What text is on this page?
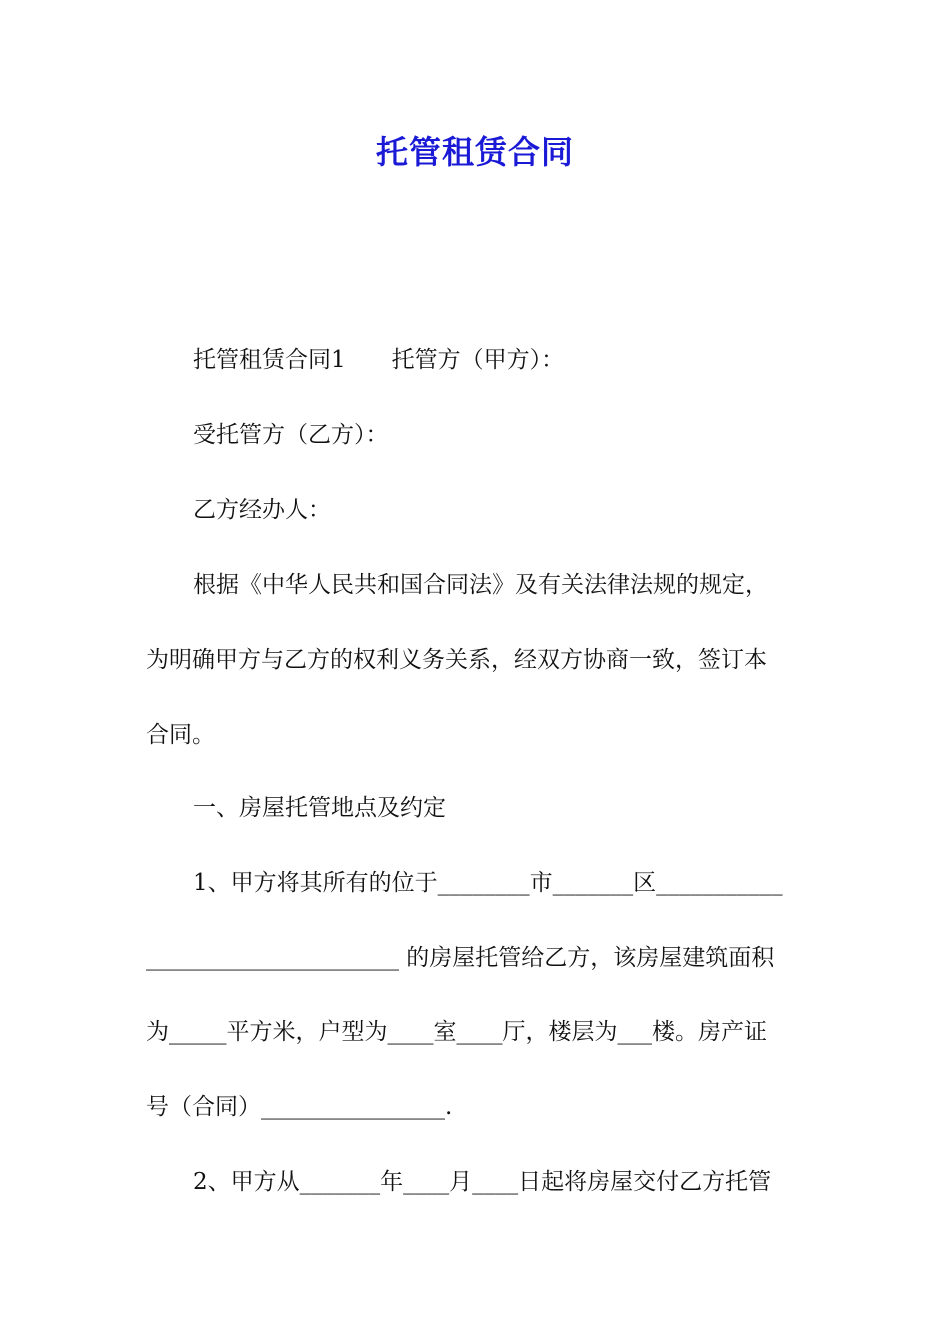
托管租赁合同
托管租赁合同1　　托管方（甲方）：
受托管方（乙方）：
乙方经办人：
根据《中华人民共和国合同法》及有关法律法规的规定，
为明确甲方与乙方的权利义务关系，经双方协商一致，签订本
合同。
一、房屋托管地点及约定
1、甲方将其所有的位于________市_______区___________
______________________ 的房屋托管给乙方，该房屋建筑面积
为_____平方米，户型为____室____厅，楼层为___楼。房产证
号（合同）________________.
2、甲方从_______年____月____日起将房屋交付乙方托管
